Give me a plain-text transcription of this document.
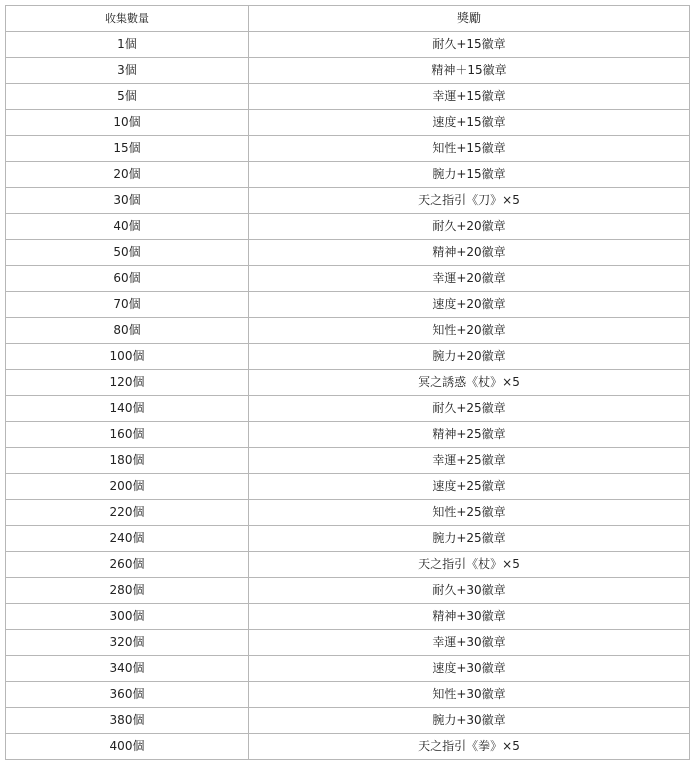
收集數量	獎勵
1個	耐久+15徽章
3個	精神＋15徽章
5個	幸運+15徽章
10個	速度+15徽章
15個	知性+15徽章
20個	腕力+15徽章
30個	天之指引《刀》×5
40個	耐久+20徽章
50個	精神+20徽章
60個	幸運+20徽章
70個	速度+20徽章
80個	知性+20徽章
100個	腕力+20徽章
120個	冥之誘惑《杖》×5
140個	耐久+25徽章
160個	精神+25徽章
180個	幸運+25徽章
200個	速度+25徽章
220個	知性+25徽章
240個	腕力+25徽章
260個	天之指引《杖》×5
280個	耐久+30徽章
300個	精神+30徽章
320個	幸運+30徽章
340個	速度+30徽章
360個	知性+30徽章
380個	腕力+30徽章
400個	天之指引《拳》×5
